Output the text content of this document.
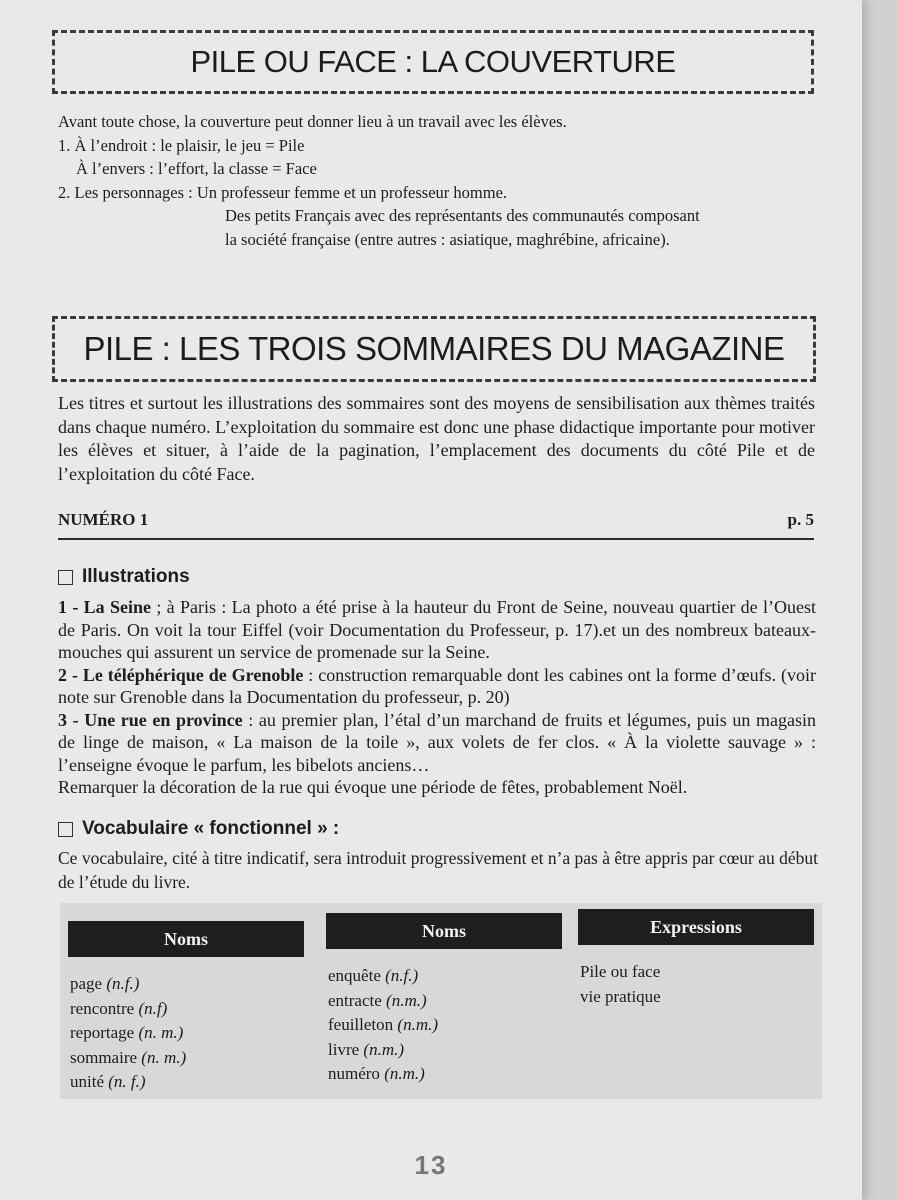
PILE OU FACE : LA COUVERTURE

Avant toute chose, la couverture peut donner lieu à un travail avec les élèves.

1. À l’endroit : le plaisir, le jeu = Pile

À l’envers : l’effort, la classe = Face

2. Les personnages : Un professeur femme et un professeur homme.

Des petits Français avec des représentants des communautés composant

la société française (entre autres : asiatique, maghrébine, africaine).

PILE : LES TROIS SOMMAIRES DU MAGAZINE

Les titres et surtout les illustrations des sommaires sont des moyens de sensibilisation aux thèmes traités dans chaque numéro. L’exploitation du sommaire est donc une phase didactique importante pour motiver les élèves et situer, à l’aide de la pagination, l’emplacement des documents du côté Pile et de l’exploitation du côté Face.

NUMÉRO 1	p. 5
Illustrations

1 - La Seine ; à Paris : La photo a été prise à la hauteur du Front de Seine, nouveau quartier de l’Ouest de Paris. On voit la tour Eiffel (voir Documentation du Professeur, p. 17).et un des nombreux bateaux-mouches qui assurent un service de promenade sur la Seine.

2 - Le téléphérique de Grenoble : construction remarquable dont les cabines ont la forme d’œufs. (voir note sur Grenoble dans la Documentation du professeur, p. 20)

3 - Une rue en province : au premier plan, l’étal d’un marchand de fruits et légumes, puis un magasin de linge de maison, « La maison de la toile », aux volets de fer clos. « À la violette sauvage » : l’enseigne évoque le parfum, les bibelots anciens…

Remarquer la décoration de la rue qui évoque une période de fêtes, probablement Noël.

Vocabulaire « fonctionnel » :

Ce vocabulaire, cité à titre indicatif, sera introduit progressivement et n’a pas à être appris par cœur au début de l’étude du livre.

Noms
page (n.f.)
rencontre (n.f)
reportage (n. m.)
sommaire (n. m.)
unité (n. f.)
Noms
enquête (n.f.)
entracte (n.m.)
feuilleton (n.m.)
livre (n.m.)
numéro (n.m.)
Expressions
Pile ou face
vie pratique
13
